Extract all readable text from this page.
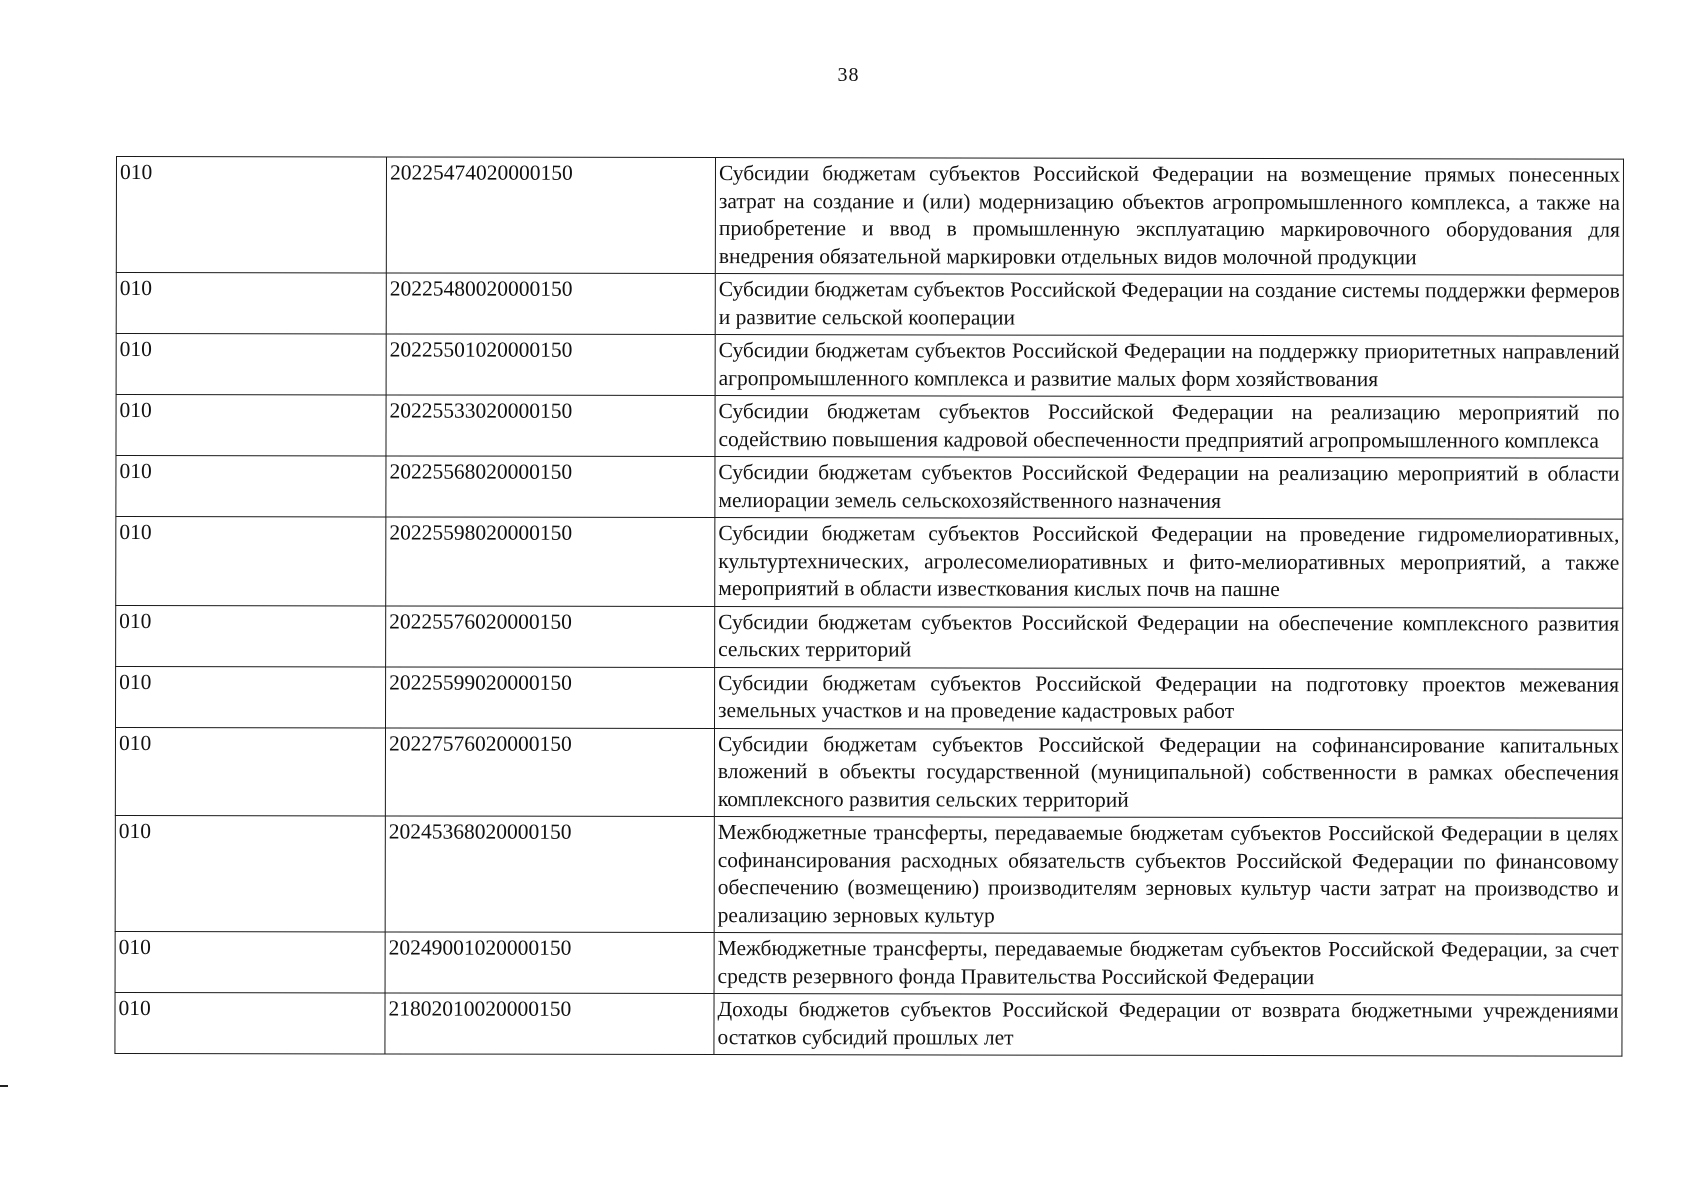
38
010	20225474020000150	Субсидии бюджетам субъектов Российской Федерации на возмещение прямых понесенных затрат на создание и (или) модернизацию объектов агропромышленного комплекса, а также на приобретение и ввод в промышленную эксплуатацию маркировочного оборудования для внедрения обязательной маркировки отдельных видов молочной продукции
010	20225480020000150	Субсидии бюджетам субъектов Российской Федерации на создание системы поддержки фермеров и развитие сельской кооперации
010	20225501020000150	Субсидии бюджетам субъектов Российской Федерации на поддержку приоритетных направлений агропромышленного комплекса и развитие малых форм хозяйствования
010	20225533020000150	Субсидии бюджетам субъектов Российской Федерации на реализацию мероприятий по содействию повышения кадровой обеспеченности предприятий агропромышленного комплекса
010	20225568020000150	Субсидии бюджетам субъектов Российской Федерации на реализацию мероприятий в области мелиорации земель сельскохозяйственного назначения
010	20225598020000150	Субсидии бюджетам субъектов Российской Федерации на проведение гидромелиоративных, культуртехнических, агролесомелиоративных и фито-мелиоративных мероприятий, а также мероприятий в области известкования кислых почв на пашне
010	20225576020000150	Субсидии бюджетам субъектов Российской Федерации на обеспечение комплексного развития сельских территорий
010	20225599020000150	Субсидии бюджетам субъектов Российской Федерации на подготовку проектов межевания земельных участков и на проведение кадастровых работ
010	20227576020000150	Субсидии бюджетам субъектов Российской Федерации на софинансирование капитальных вложений в объекты государственной (муниципальной) собственности в рамках обеспечения комплексного развития сельских территорий
010	20245368020000150	Межбюджетные трансферты, передаваемые бюджетам субъектов Российской Федерации в целях софинансирования расходных обязательств субъектов Российской Федерации по финансовому обеспечению (возмещению) производителям зерновых культур части затрат на производство и реализацию зерновых культур
010	20249001020000150	Межбюджетные трансферты, передаваемые бюджетам субъектов Российской Федерации, за счет средств резервного фонда Правительства Российской Федерации
010	21802010020000150	Доходы бюджетов субъектов Российской Федерации от возврата бюджетными учреждениями остатков субсидий прошлых лет
